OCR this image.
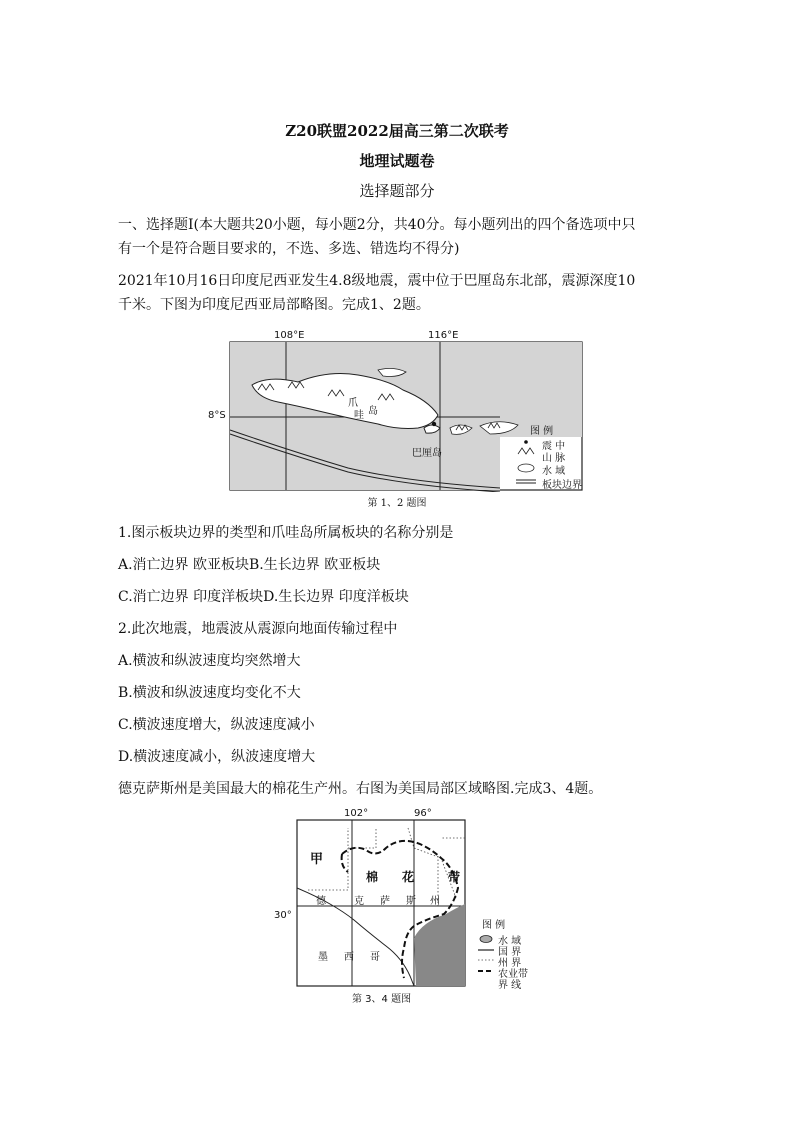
Z20联盟2022届高三第二次联考
地理试题卷
选择题部分
一、选择题Ⅰ(本大题共20小题，每小题2分，共40分。每小题列出的四个备选项中只
有一个是符合题目要求的，不选、多选、错选均不得分)
2021年10月16日印度尼西亚发生4.8级地震，震中位于巴厘岛东北部，震源深度10
千米。下图为印度尼西亚局部略图。完成1、2题。
108°E	116°E
8°S
爪
哇 岛
巴厘岛
图 例
震 中
山 脉
水 域
板块边界
第 1、2 题图
1.图示板块边界的类型和爪哇岛所属板块的名称分别是
A.消亡边界 欧亚板块B.生长边界 欧亚板块
C.消亡边界 印度洋板块D.生长边界 印度洋板块
2.此次地震，地震波从震源向地面传输过程中
A.横波和纵波速度均突然增大
B.横波和纵波速度均变化不大
C.横波速度增大，纵波速度减小
D.横波速度减小，纵波速度增大
德克萨斯州是美国最大的棉花生产州。右图为美国局部区域略图.完成3、4题。
102°	96°
30°
甲
棉 花	带
德	克 萨 斯 州
墨 西 哥
图 例
水 域
国 界
州 界
农业带
界 线
第 3、4 题图
